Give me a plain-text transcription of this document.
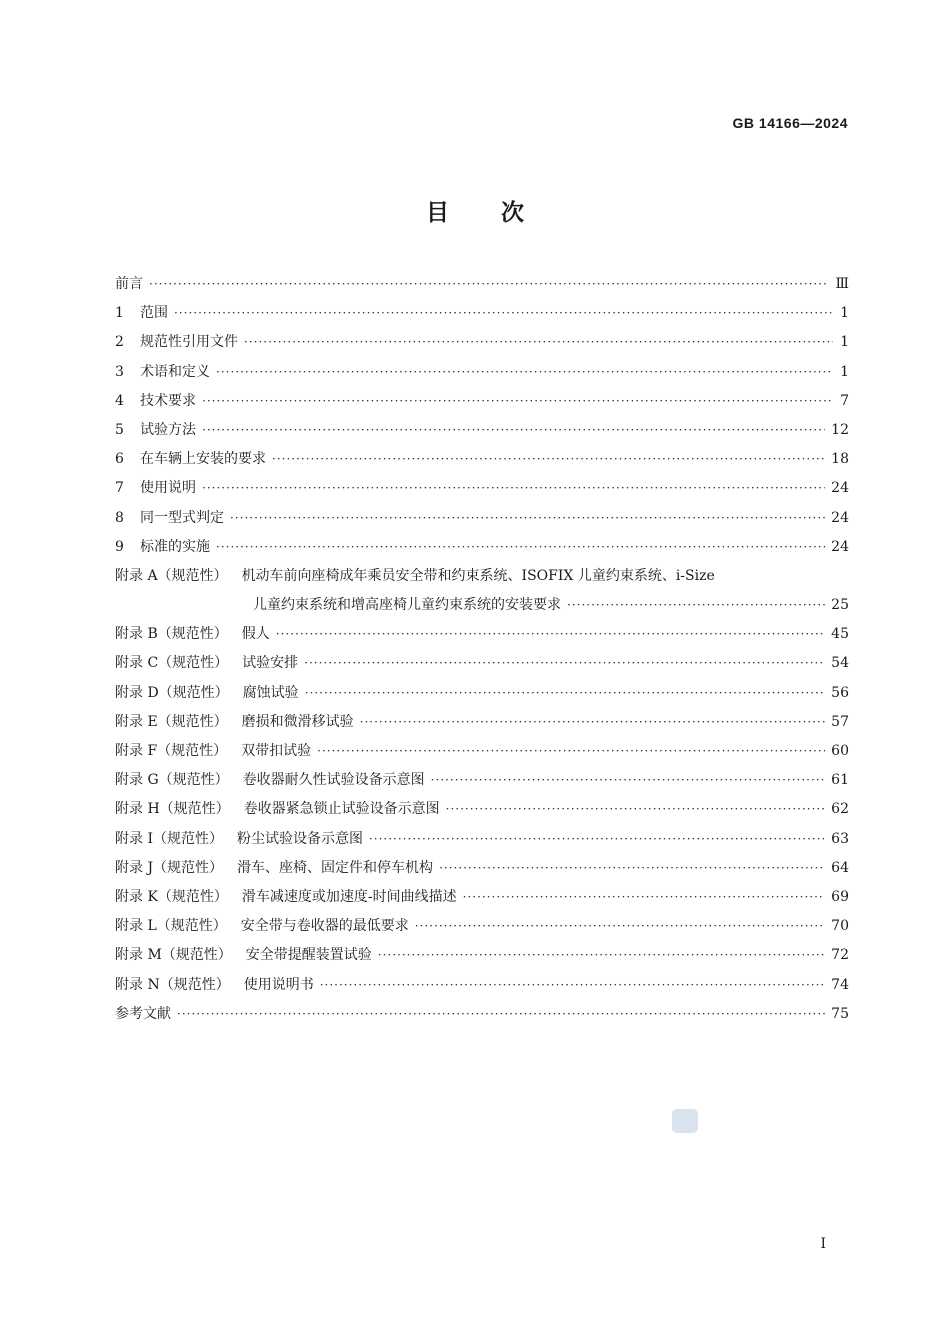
GB 14166—2024
目 次
前言 ·····	Ⅲ
1	范围 ·····	1
2	规范性引用文件 ·····	1
3	术语和定义 ·····	1
4	技术要求 ·····	7
5	试验方法 ·····	12
6	在车辆上安装的要求 ·····	18
7	使用说明 ·····	24
8	同一型式判定 ·····	24
9	标准的实施 ·····	24
附录 A（规范性） 机动车前向座椅成年乘员安全带和约束系统、ISOFIX 儿童约束系统、i-Size
儿童约束系统和增高座椅儿童约束系统的安装要求 ·····	25
附录 B（规范性） 假人 ·····	45
附录 C（规范性） 试验安排 ·····	54
附录 D（规范性） 腐蚀试验 ·····	56
附录 E（规范性） 磨损和微滑移试验 ·····	57
附录 F（规范性） 双带扣试验 ·····	60
附录 G（规范性） 卷收器耐久性试验设备示意图 ·····	61
附录 H（规范性） 卷收器紧急锁止试验设备示意图 ·····	62
附录 I（规范性） 粉尘试验设备示意图 ·····	63
附录 J（规范性） 滑车、座椅、固定件和停车机构 ·····	64
附录 K（规范性） 滑车减速度或加速度-时间曲线描述 ·····	69
附录 L（规范性） 安全带与卷收器的最低要求 ·····	70
附录 M（规范性） 安全带提醒装置试验 ·····	72
附录 N（规范性） 使用说明书 ·····	74
参考文献 ·····	75
I
